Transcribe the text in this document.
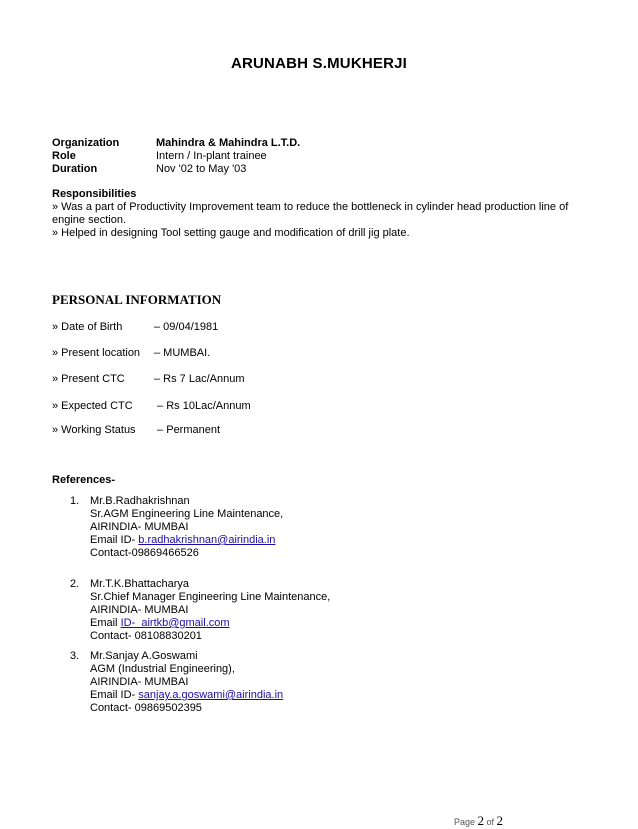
ARUNABH S.MUKHERJI
Organization	Mahindra & Mahindra L.T.D.
Role	Intern / In-plant trainee
Duration	Nov '02 to May '03
Responsibilities
» Was a part of Productivity Improvement team to reduce the bottleneck in cylinder head production line of engine section.
» Helped in designing Tool setting gauge and modification of drill jig plate.
PERSONAL INFORMATION
» Date of Birth	– 09/04/1981
» Present location	– MUMBAI.
» Present CTC	– Rs 7 Lac/Annum
» Expected CTC	– Rs 10Lac/Annum
» Working Status	– Permanent
References-
1. Mr.B.Radhakrishnan
Sr.AGM Engineering Line Maintenance,
AIRINDIA- MUMBAI
Email ID- b.radhakrishnan@airindia.in
Contact-09869466526
2. Mr.T.K.Bhattacharya
Sr.Chief Manager Engineering Line Maintenance,
AIRINDIA- MUMBAI
Email ID-  airtkb@gmail.com
Contact- 08108830201
3. Mr.Sanjay A.Goswami
AGM (Industrial Engineering),
AIRINDIA- MUMBAI
Email ID- sanjay.a.goswami@airindia.in
Contact- 09869502395
Page 2 of 2
